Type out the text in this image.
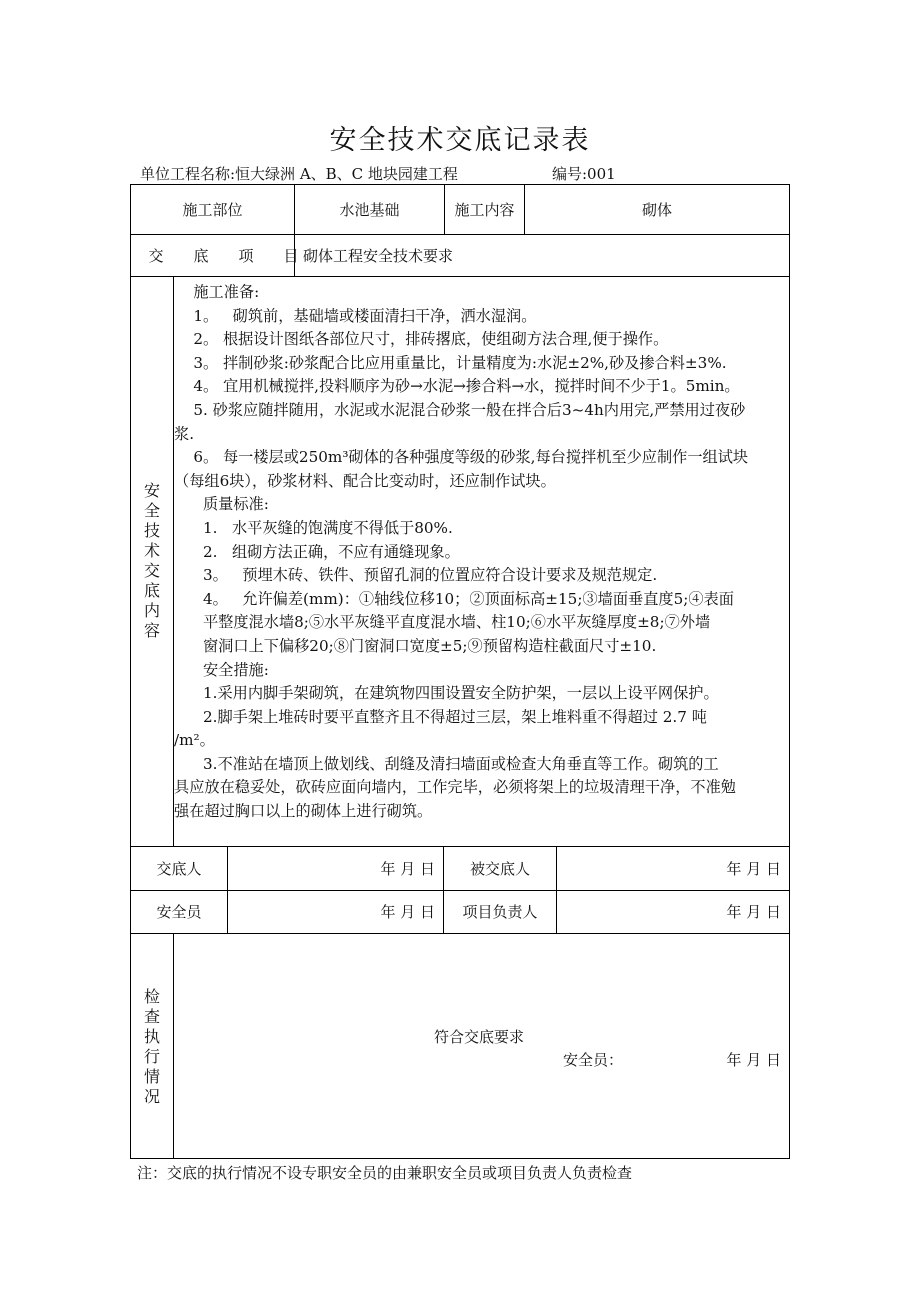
安全技术交底记录表
单位工程名称:恒大绿洲 A、B、C 地块园建工程	编号:001
施工部位	水池基础	施工内容	砌体
交 底 项 目 砌体工程安全技术要求
安
全
技
术
交
底
内
容

施工准备:

1。   砌筑前，基础墙或楼面清扫干净，洒水湿润。

2。 根据设计图纸各部位尺寸，排砖撂底，使组砌方法合理,便于操作。

3。 拌制砂浆:砂浆配合比应用重量比，计量精度为:水泥±2%,砂及掺合料±3%.

4。 宜用机械搅拌,投料顺序为砂→水泥→掺合料→水，搅拌时间不少于1。5min。

5. 砂浆应随拌随用，水泥或水泥混合砂浆一般在拌合后3~4h内用完,严禁用过夜砂

浆.

6。 每一楼层或250m³砌体的各种强度等级的砂浆,每台搅拌机至少应制作一组试块

（每组6块），砂浆材料、配合比变动时，还应制作试块。

质量标准:

1.   水平灰缝的饱满度不得低于80%.

2.   组砌方法正确，不应有通缝现象。

3。   预埋木砖、铁件、预留孔洞的位置应符合设计要求及规范规定.

4。   允许偏差(mm)：①轴线位移10；②顶面标高±15;③墙面垂直度5;④表面

平整度混水墙8;⑤水平灰缝平直度混水墙、柱10;⑥水平灰缝厚度±8;⑦外墙

窗洞口上下偏移20;⑧门窗洞口宽度±5;⑨预留构造柱截面尺寸±10.

安全措施:

1.采用内脚手架砌筑，在建筑物四围设置安全防护架，一层以上设平网保护。

2.脚手架上堆砖时要平直整齐且不得超过三层，架上堆料重不得超过 2.7 吨

/m²。

3.不准站在墙顶上做划线、刮缝及清扫墙面或检查大角垂直等工作。砌筑的工

具应放在稳妥处，砍砖应面向墙内，工作完毕，必须将架上的垃圾清理干净，不准勉

强在超过胸口以上的砌体上进行砌筑。

交底人	年 月 日	被交底人	年 月 日
安全员	年 月 日	项目负责人	年 月 日
检
查
执
行
情
况
符合交底要求
安全员：	年 月 日
注：交底的执行情况不设专职安全员的由兼职安全员或项目负责人负责检查
